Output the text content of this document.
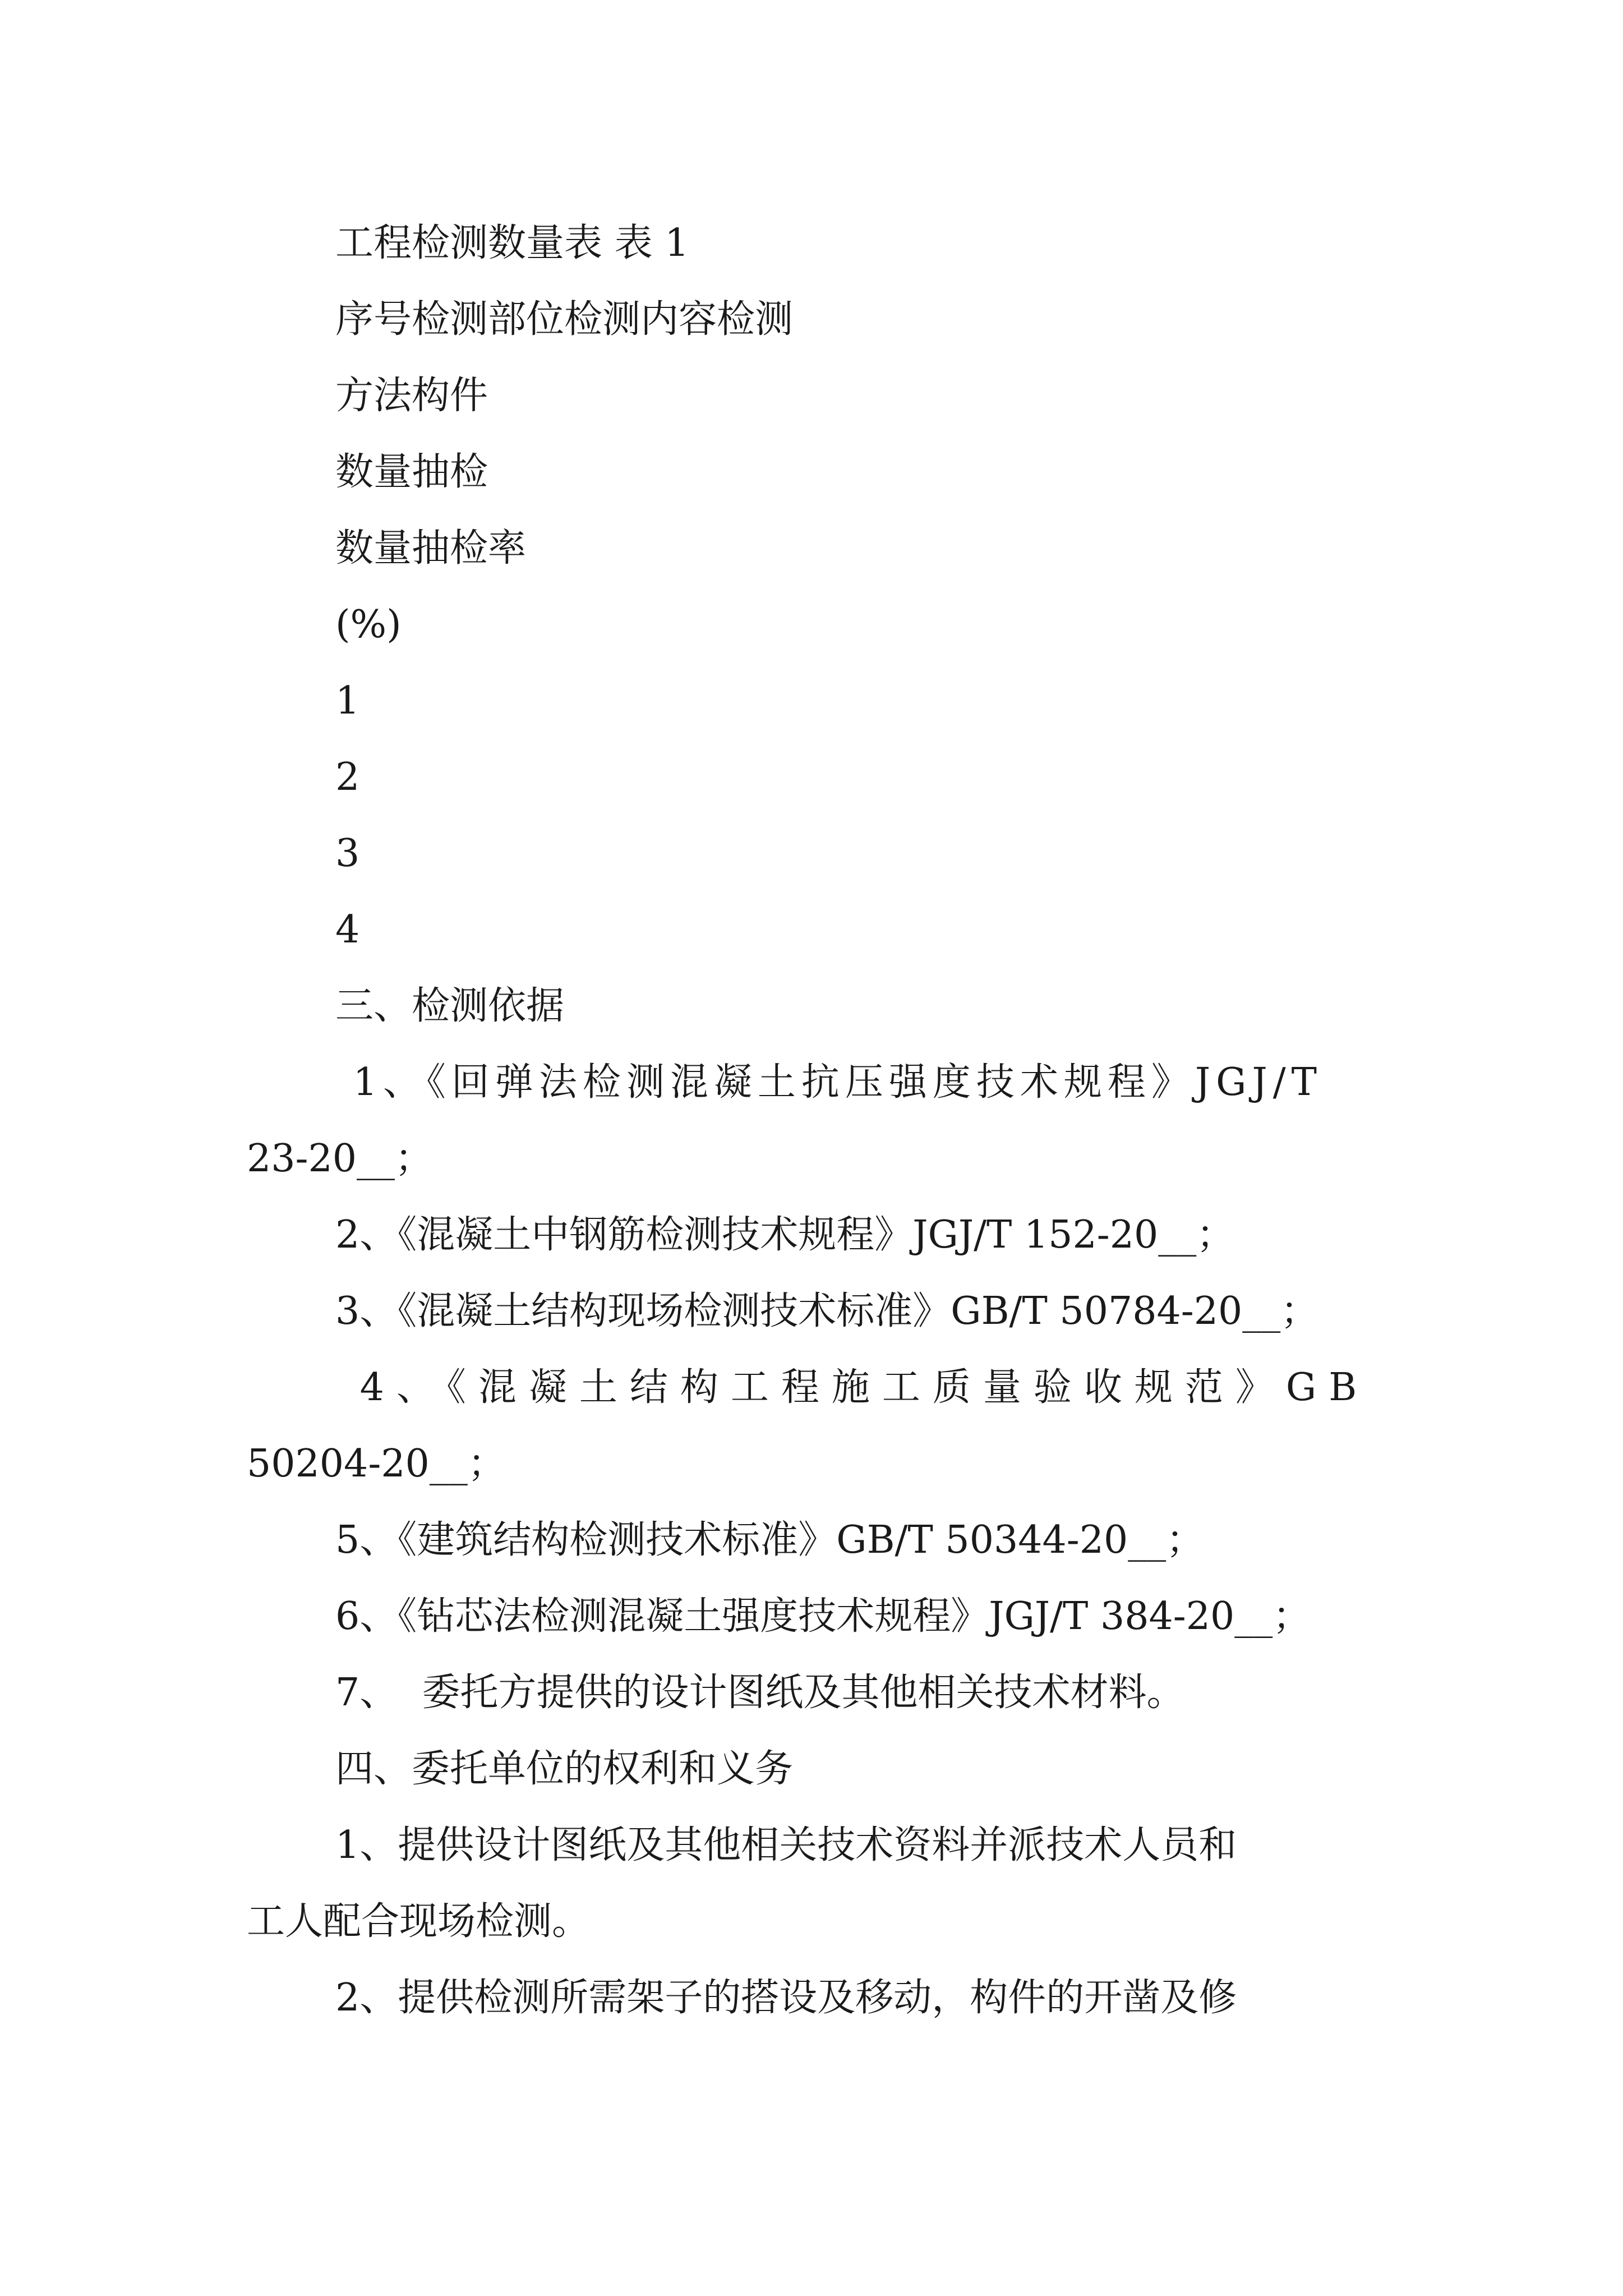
工程检测数量表 表 1
序号检测部位检测内容检测
方法构件
数量抽检
数量抽检率
(%)
1
2
3
4
三、检测依据
1、《回弹法检测混凝土抗压强度技术规程》JGJ/T
23-20__；
2、《混凝土中钢筋检测技术规程》JGJ/T 152-20__；
3、《混凝土结构现场检测技术标准》GB/T 50784-20__；
4、《混凝土结构工程施工质量验收规范》GB
50204-20__；
5、《建筑结构检测技术标准》GB/T 50344-20__；
6、《钻芯法检测混凝土强度技术规程》JGJ/T 384-20__；
7、  委托方提供的设计图纸及其他相关技术材料。
四、委托单位的权利和义务
1、提供设计图纸及其他相关技术资料并派技术人员和
工人配合现场检测。
2、提供检测所需架子的搭设及移动，构件的开凿及修
